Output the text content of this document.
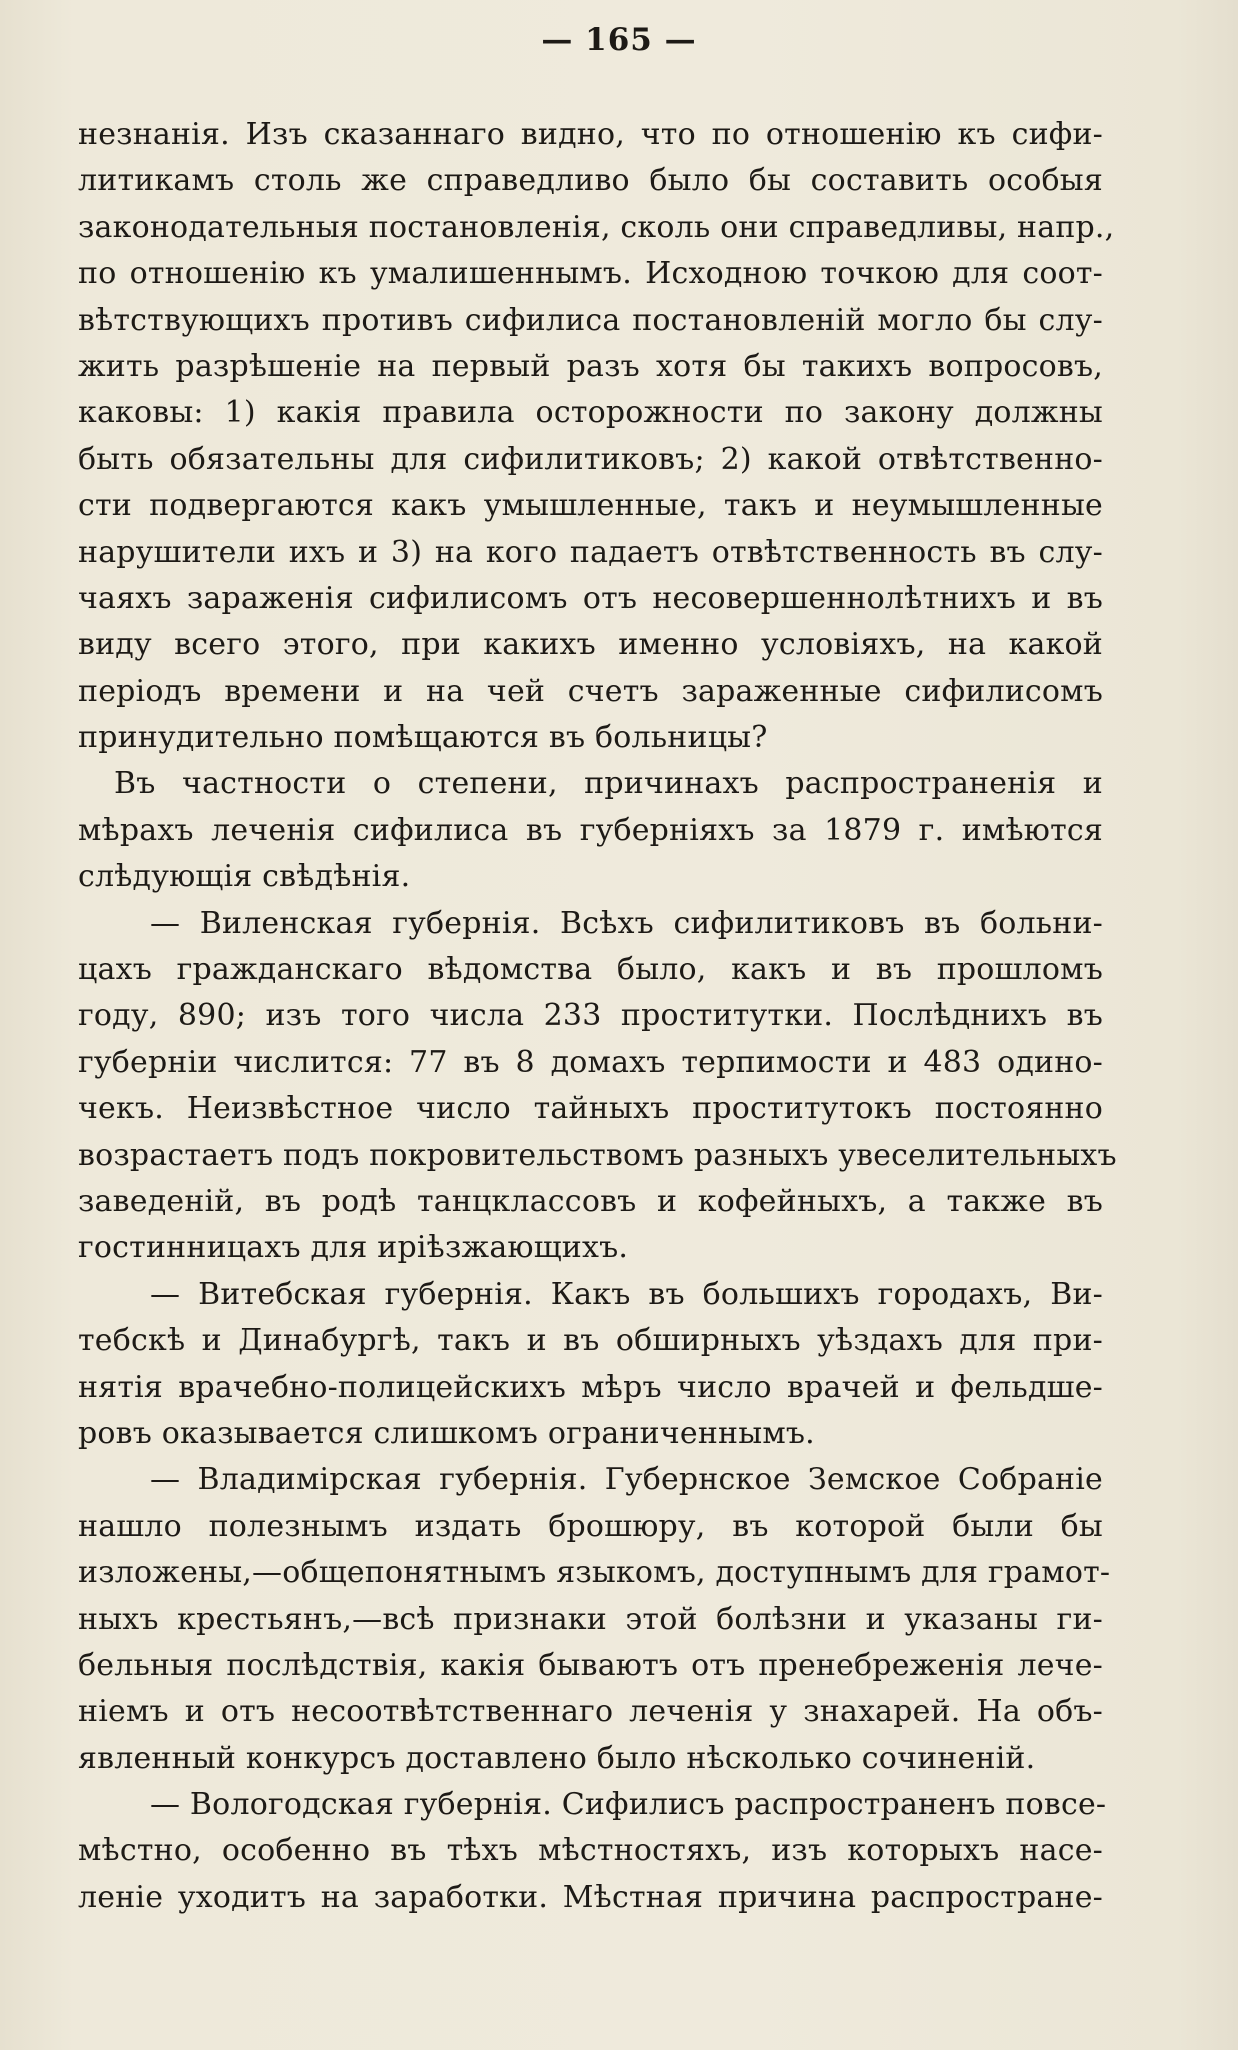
— 165 —
незнанія. Изъ сказаннаго видно, что по отношенію къ сифи-
литикамъ столь же справедливо было бы составить особыя
законодательныя постановленія, сколь они справедливы, напр.,
по отношенію къ умалишеннымъ. Исходною точкою для соот-
вѣтствующихъ противъ сифилиса постановленій могло бы слу-
жить разрѣшеніе на первый разъ хотя бы такихъ вопросовъ,
каковы: 1) какія правила осторожности по закону должны
быть обязательны для сифилитиковъ; 2) какой отвѣтственно-
сти подвергаются какъ умышленные, такъ и неумышленные
нарушители ихъ и 3) на кого падаетъ отвѣтственность въ слу-
чаяхъ зараженія сифилисомъ отъ несовершеннолѣтнихъ и въ
виду всего этого, при какихъ именно условіяхъ, на какой
періодъ времени и на чей счетъ зараженные сифилисомъ
принудительно помѣщаются въ больницы?
Въ частности о степени, причинахъ распространенія и
мѣрахъ леченія сифилиса въ губерніяхъ за 1879 г. имѣются
слѣдующія свѣдѣнія.
— Виленская губернія. Всѣхъ сифилитиковъ въ больни-
цахъ гражданскаго вѣдомства было, какъ и въ прошломъ
году, 890; изъ того числа 233 проститутки. Послѣднихъ въ
губерніи числится: 77 въ 8 домахъ терпимости и 483 одино-
чекъ. Неизвѣстное число тайныхъ проститутокъ постоянно
возрастаетъ подъ покровительствомъ разныхъ увеселительныхъ
заведеній, въ родѣ танцклассовъ и кофейныхъ, а также въ
гостинницахъ для иріѣзжающихъ.
— Витебская губернія. Какъ въ большихъ городахъ, Ви-
тебскѣ и Динабургѣ, такъ и въ обширныхъ уѣздахъ для при-
нятія врачебно-полицейскихъ мѣръ число врачей и фельдше-
ровъ оказывается слишкомъ ограниченнымъ.
— Владимірская губернія. Губернское Земское Собраніе
нашло полезнымъ издать брошюру, въ которой были бы
изложены,—общепонятнымъ языкомъ, доступнымъ для грамот-
ныхъ крестьянъ,—всѣ признаки этой болѣзни и указаны ги-
бельныя послѣдствія, какія бываютъ отъ пренебреженія лече-
ніемъ и отъ несоотвѣтственнаго леченія у знахарей. На объ-
явленный конкурсъ доставлено было нѣсколько сочиненій.
— Вологодская губернія. Сифилисъ распространенъ повсе-
мѣстно, особенно въ тѣхъ мѣстностяхъ, изъ которыхъ насе-
леніе уходитъ на заработки. Мѣстная причина распростране-
